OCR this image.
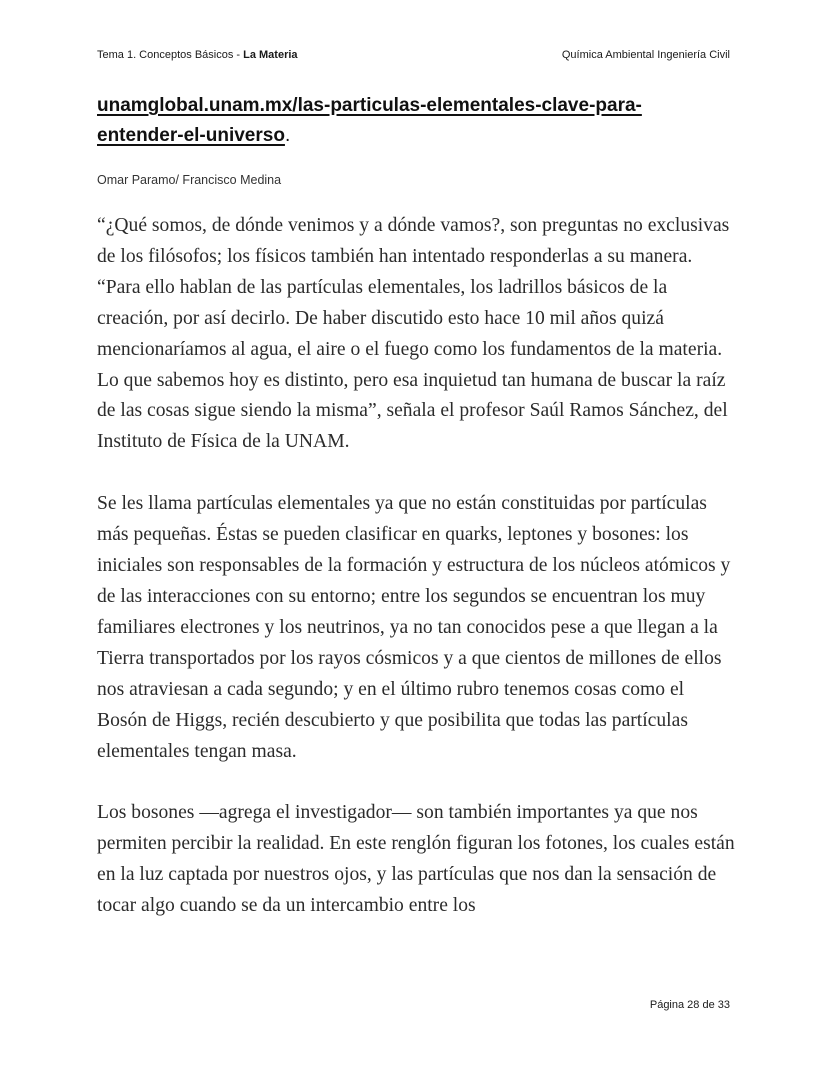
Tema 1. Conceptos Básicos - La Materia	Química Ambiental Ingeniería Civil
unamglobal.unam.mx/las-particulas-elementales-clave-para-entender-el-universo.
Omar Paramo/ Francisco Medina

“¿Qué somos, de dónde venimos y a dónde vamos?, son preguntas no exclusivas de los filósofos; los físicos también han intentado responderlas a su manera. “Para ello hablan de las partículas elementales, los ladrillos básicos de la creación, por así decirlo. De haber discutido esto hace 10 mil años quizá mencionaríamos al agua, el aire o el fuego como los fundamentos de la materia. Lo que sabemos hoy es distinto, pero esa inquietud tan humana de buscar la raíz de las cosas sigue siendo la misma”, señala el profesor Saúl Ramos Sánchez, del Instituto de Física de la UNAM.

Se les llama partículas elementales ya que no están constituidas por partículas más pequeñas. Éstas se pueden clasificar en quarks, leptones y bosones: los iniciales son responsables de la formación y estructura de los núcleos atómicos y de las interacciones con su entorno; entre los segundos se encuentran los muy familiares electrones y los neutrinos, ya no tan conocidos pese a que llegan a la Tierra transportados por los rayos cósmicos y a que cientos de millones de ellos nos atraviesan a cada segundo; y en el último rubro tenemos cosas como el Bosón de Higgs, recién descubierto y que posibilita que todas las partículas elementales tengan masa.

Los bosones —agrega el investigador— son también importantes ya que nos permiten percibir la realidad. En este renglón figuran los fotones, los cuales están en la luz captada por nuestros ojos, y las partículas que nos dan la sensación de tocar algo cuando se da un intercambio entre los

Página 28 de 33
